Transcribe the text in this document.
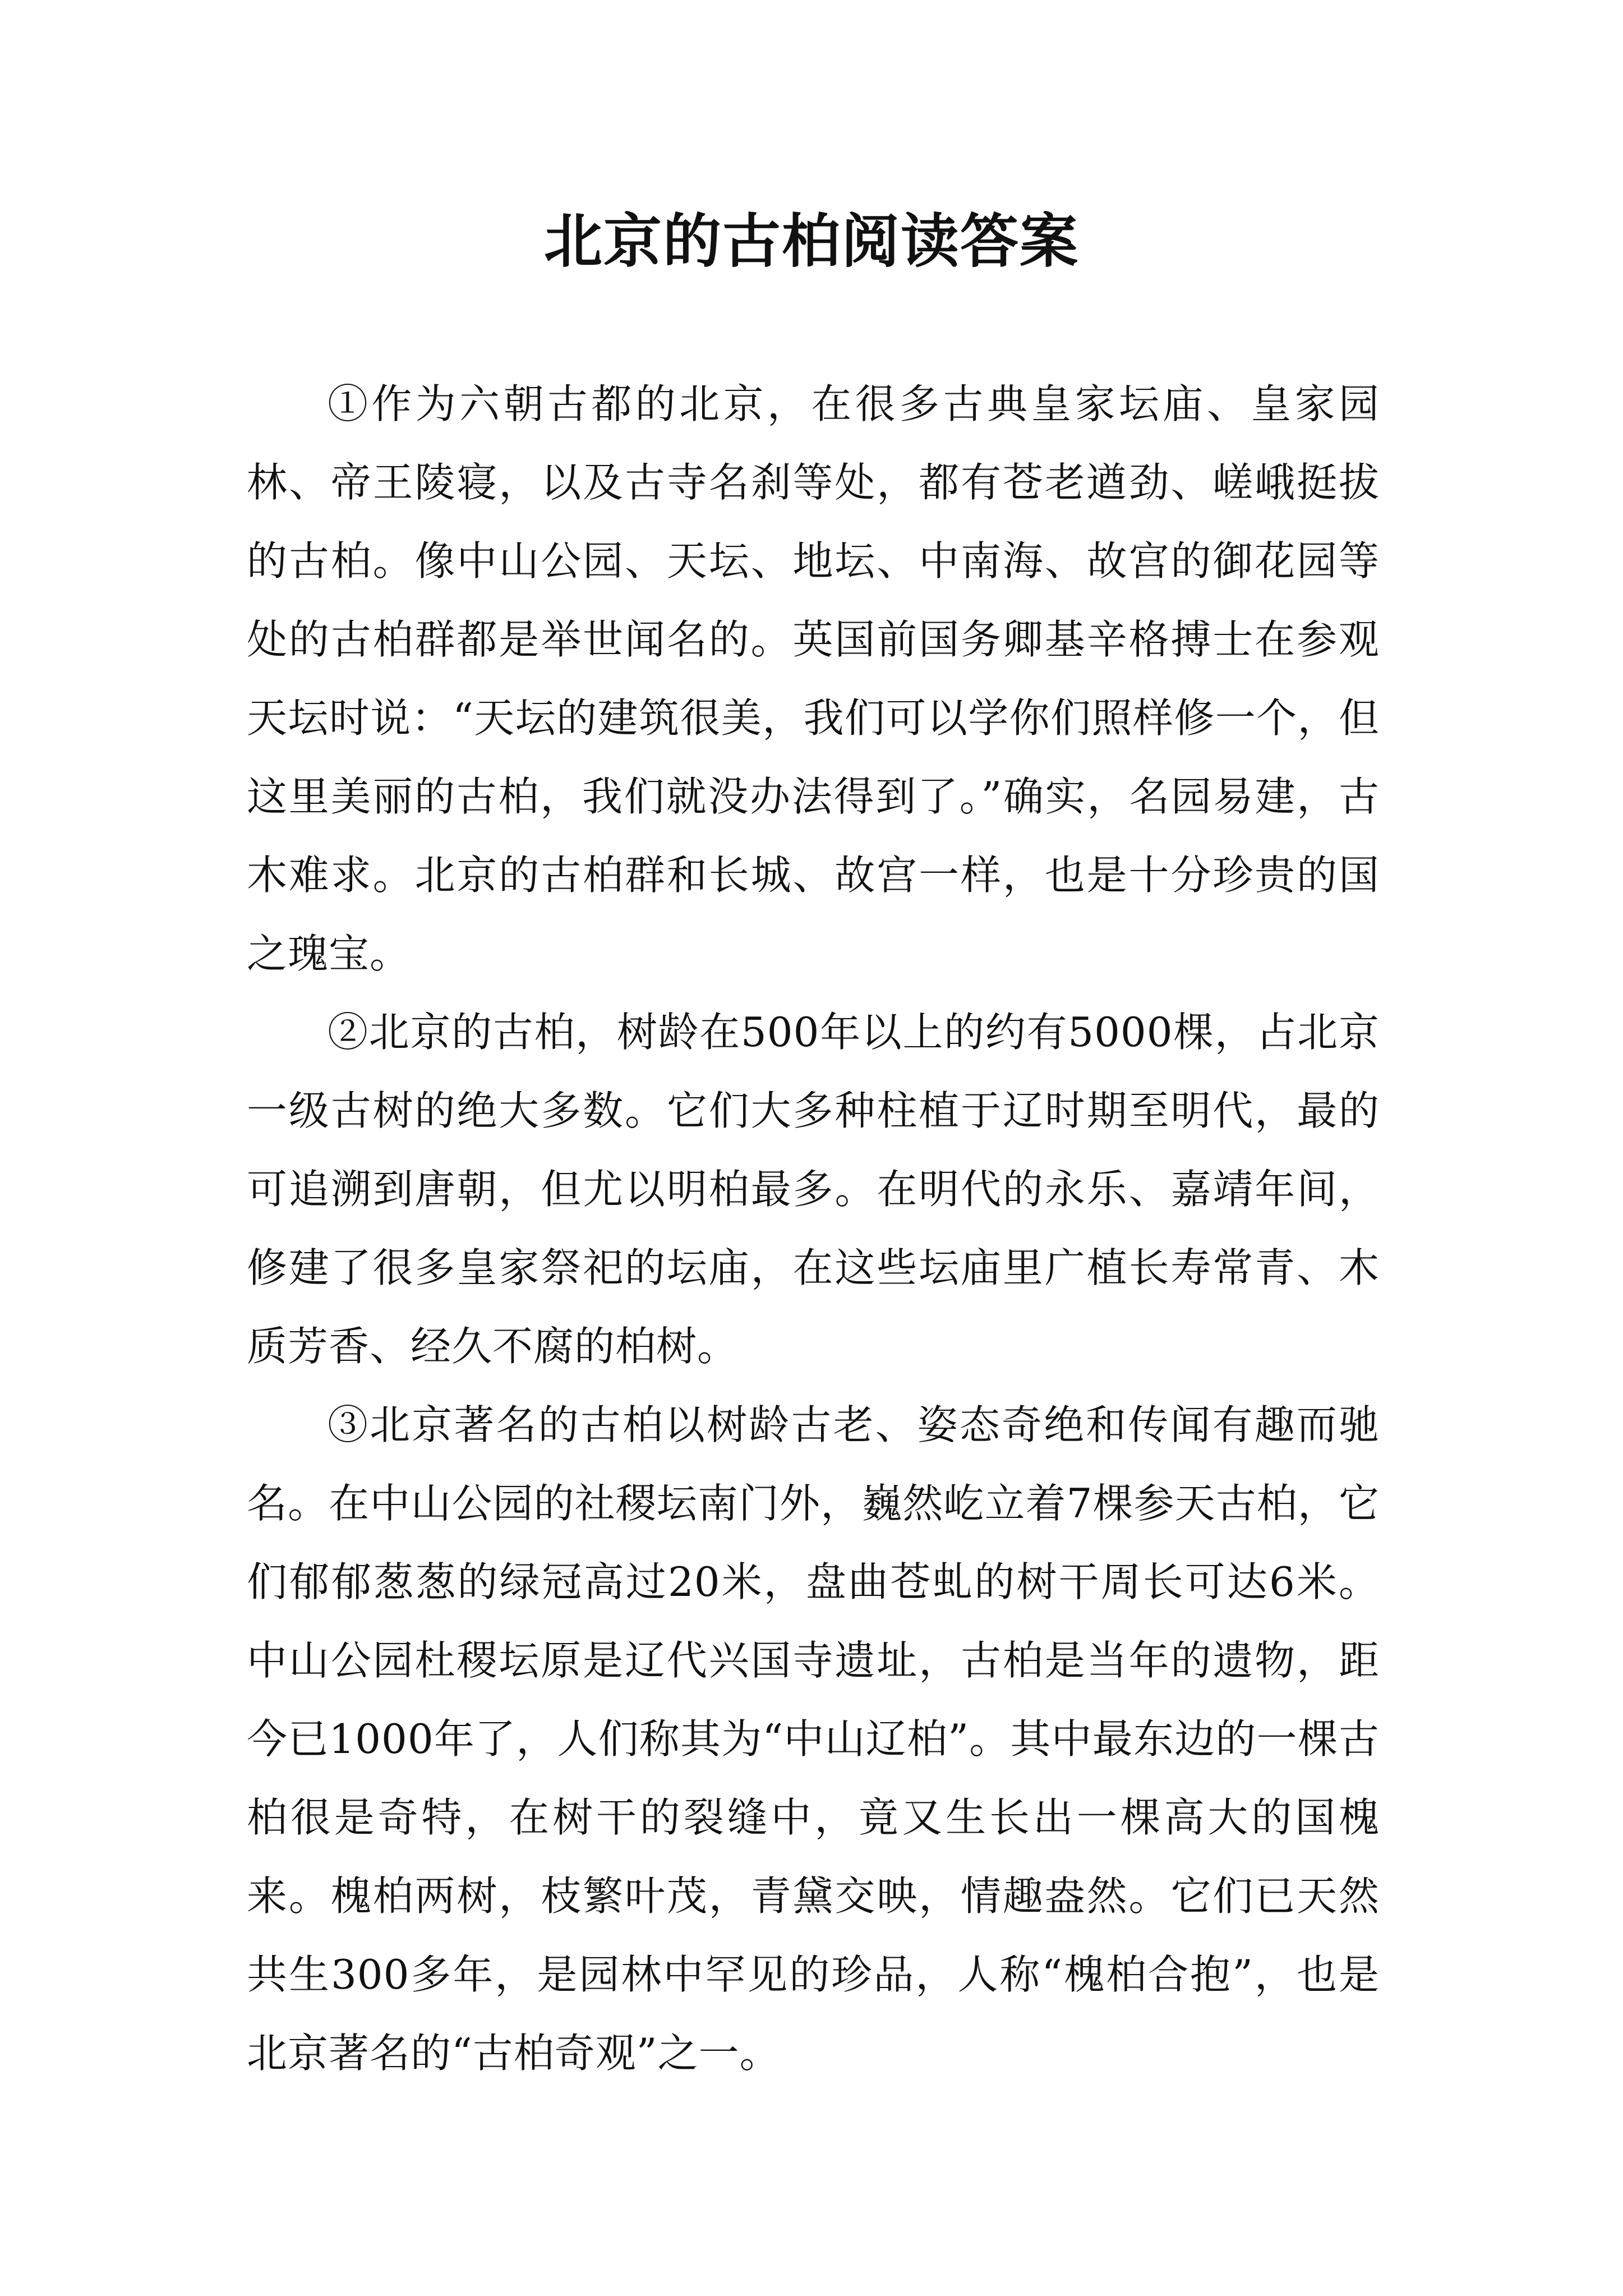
北京的古柏阅读答案

①作为六朝古都的北京，在很多古典皇家坛庙、皇家园林、帝王陵寝，以及古寺名刹等处，都有苍老遒劲、嵯峨挺拔的古柏。像中山公园、天坛、地坛、中南海、故宫的御花园等处的古柏群都是举世闻名的。英国前国务卿基辛格搏士在参观天坛时说：“天坛的建筑很美，我们可以学你们照样修一个，但这里美丽的古柏，我们就没办法得到了。”确实，名园易建，古木难求。北京的古柏群和长城、故宫一样，也是十分珍贵的国之瑰宝。

②北京的古柏，树龄在500年以上的约有5000棵，占北京一级古树的绝大多数。它们大多种柱植于辽时期至明代，最的可追溯到唐朝，但尤以明柏最多。在明代的永乐、嘉靖年间，修建了很多皇家祭祀的坛庙，在这些坛庙里广植长寿常青、木质芳香、经久不腐的柏树。

③北京著名的古柏以树龄古老、姿态奇绝和传闻有趣而驰名。在中山公园的社稷坛南门外，巍然屹立着7棵参天古柏，它们郁郁葱葱的绿冠高过20米，盘曲苍虬的树干周长可达6米。中山公园杜稷坛原是辽代兴国寺遗址，古柏是当年的遗物，距今已1000年了，人们称其为“中山辽柏”。其中最东边的一棵古柏很是奇特，在树干的裂缝中，竟又生长出一棵高大的国槐来。槐柏两树，枝繁叶茂，青黛交映，情趣盎然。它们已天然共生300多年，是园林中罕见的珍品，人称“槐柏合抱”，也是北京著名的“古柏奇观”之一。
